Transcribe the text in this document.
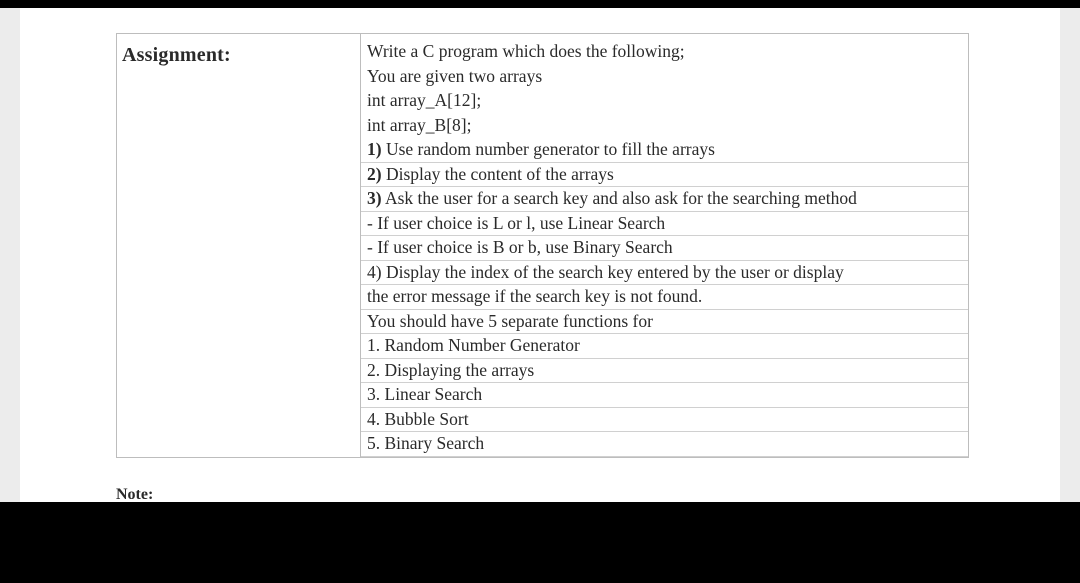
Assignment:	Write a C program which does the following;
You are given two arrays
int array_A[12];
int array_B[8];
1) Use random number generator to fill the arrays
2) Display the content of the arrays
3) Ask the user for a search key and also ask for the searching method
- If user choice is L or l, use Linear Search
- If user choice is B or b, use Binary Search
4) Display the index of the search key entered by the user or display
the error message if the search key is not found.
You should have 5 separate functions for
1. Random Number Generator
2. Displaying the arrays
3. Linear Search
4. Bubble Sort
5. Binary Search
Note:
